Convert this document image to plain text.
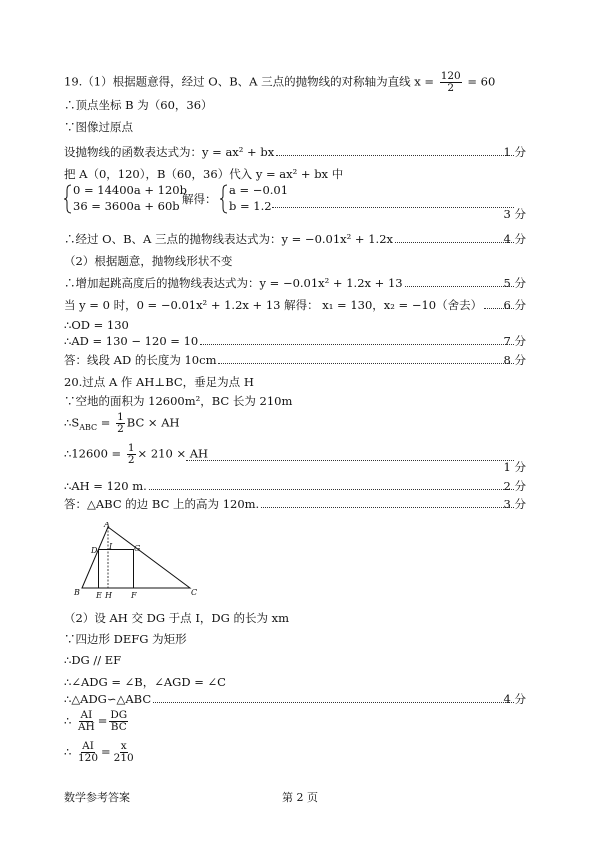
19.（1）根据题意得，经过 O、B、A 三点的抛物线的对称轴为直线 $x = \frac{120}{2} = 60$
∴顶点坐标 B 为（60，36）
∵图像过原点
设抛物线的函数表达式为：y = ax² + bx	1 分
把 A（0，120），B（60，36）代入 y = ax² + bx 中
0 = 14400a + 120b
36 = 3600a + 60b 解得：
a = −0.01
b = 1.2
3 分
∴经过 O、B、A 三点的抛物线表达式为：y = −0.01x² + 1.2x	4 分
（2）根据题意，抛物线形状不变
∴增加起跳高度后的抛物线表达式为：y = −0.01x² + 1.2x + 13	5 分
当 y = 0 时，0 = −0.01x² + 1.2x + 13 解得： x₁ = 130，x₂ = −10（舍去） 6 分
∴OD = 130
∴AD = 130 − 120 = 10	7 分
答：线段 AD 的长度为 10cm	8 分
20.过点 A 作 AH⊥BC，垂足为点 H
∵空地的面积为 12600m²，BC 长为 210m
$\therefore S_{ABC} = \frac{1}{2}$ BC × AH
∴12600 = $\frac{1}{2} \times 210$ × AH
1 分
∴AH = 120 m.	2 分
答：△ABC 的边 BC 上的高为 120m.	3 分
A
D I	G
B E H F	C
（2）设 AH 交 DG 于点 I，DG 的长为 xm
∵四边形 DEFG 为矩形
∴DG // EF
∴∠ADG = ∠B，∠AGD = ∠C
∴△ADG∽△ABC	4 分
∴ $\frac{AI}{AH} = \frac{DG}{BC}$
∴ $\frac{AI}{120} = \frac{x}{210}$
数学参考答案	第 2 页
